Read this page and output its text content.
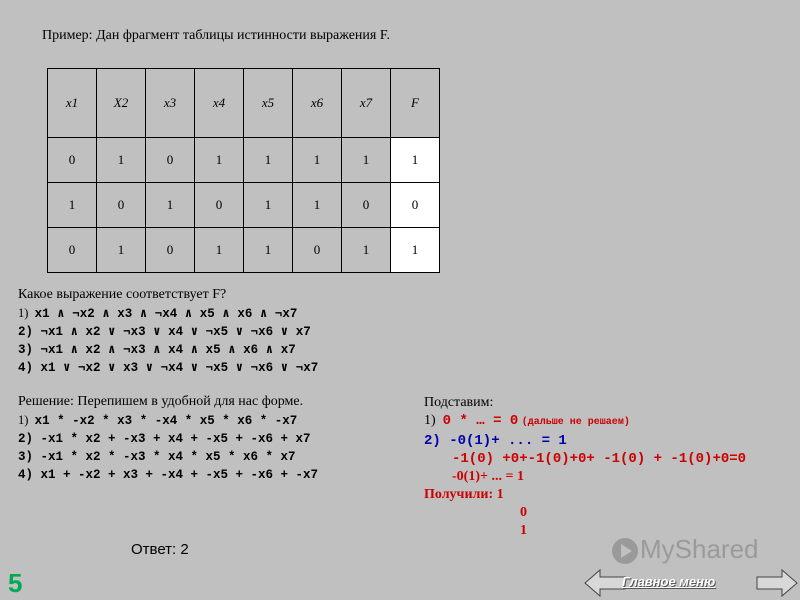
Пример: Дан фрагмент таблицы истинности выражения F.
x1	X2	x3	x4	x5	x6	x7	F
0	1	0	1	1	1	1	1
1	0	1	0	1	1	0	0
0	1	0	1	1	0	1	1
Какое выражение соответствует F?
1) x1 ∧ ¬x2 ∧ x3 ∧ ¬x4 ∧ x5 ∧ x6 ∧ ¬x7
2) ¬x1 ∧ x2 ∨ ¬x3 ∨ x4 ∨ ¬x5 ∨ ¬x6 ∨ x7
3) ¬x1 ∧ x2 ∧ ¬x3 ∧ x4 ∧ x5 ∧ x6 ∧ x7
4) x1 ∨ ¬x2 ∨ x3 ∨ ¬x4 ∨ ¬x5 ∨ ¬x6 ∨ ¬x7
Решение: Перепишем в удобной для нас форме.
1) x1 * -x2 * x3 * -x4 * x5 * x6 * -x7
2) -x1 * x2 + -x3 + x4 + -x5 + -x6 + x7
3) -x1 * x2 * -x3 * x4 * x5 * x6 * x7
4) x1 + -x2 + x3 + -x4 + -x5 + -x6 + -x7
Подставим:
1) 0 * … = 0 (дальше не решаем)
2) -0(1)+ ... = 1
-1(0) +0+-1(0)+0+ -1(0) + -1(0)+0=0
-0(1)+ ... = 1
Получили: 1
0
1
Ответ: 2
5
MyShared
Главное меню
